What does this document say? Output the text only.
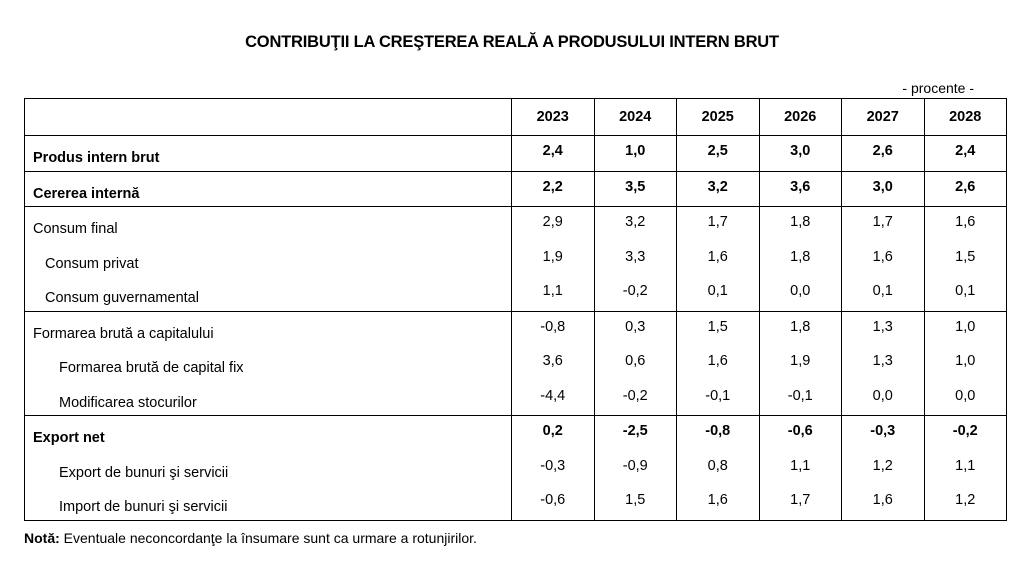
CONTRIBUŢII LA CREŞTEREA REALĂ A PRODUSULUI INTERN BRUT
- procente -
	2023	2024	2025	2026	2027	2028
Produs intern brut	2,4	1,0	2,5	3,0	2,6	2,4
Cererea internă	2,2	3,5	3,2	3,6	3,0	2,6
Consum final	2,9	3,2	1,7	1,8	1,7	1,6
Consum privat	1,9	3,3	1,6	1,8	1,6	1,5
Consum guvernamental	1,1	-0,2	0,1	0,0	0,1	0,1
Formarea brută a capitalului	-0,8	0,3	1,5	1,8	1,3	1,0
Formarea brută de capital fix	3,6	0,6	1,6	1,9	1,3	1,0
Modificarea stocurilor	-4,4	-0,2	-0,1	-0,1	0,0	0,0
Export net	0,2	-2,5	-0,8	-0,6	-0,3	-0,2
Export de bunuri şi servicii	-0,3	-0,9	0,8	1,1	1,2	1,1
Import de bunuri şi servicii	-0,6	1,5	1,6	1,7	1,6	1,2
Notă: Eventuale neconcordanţe la însumare sunt ca urmare a rotunjirilor.
